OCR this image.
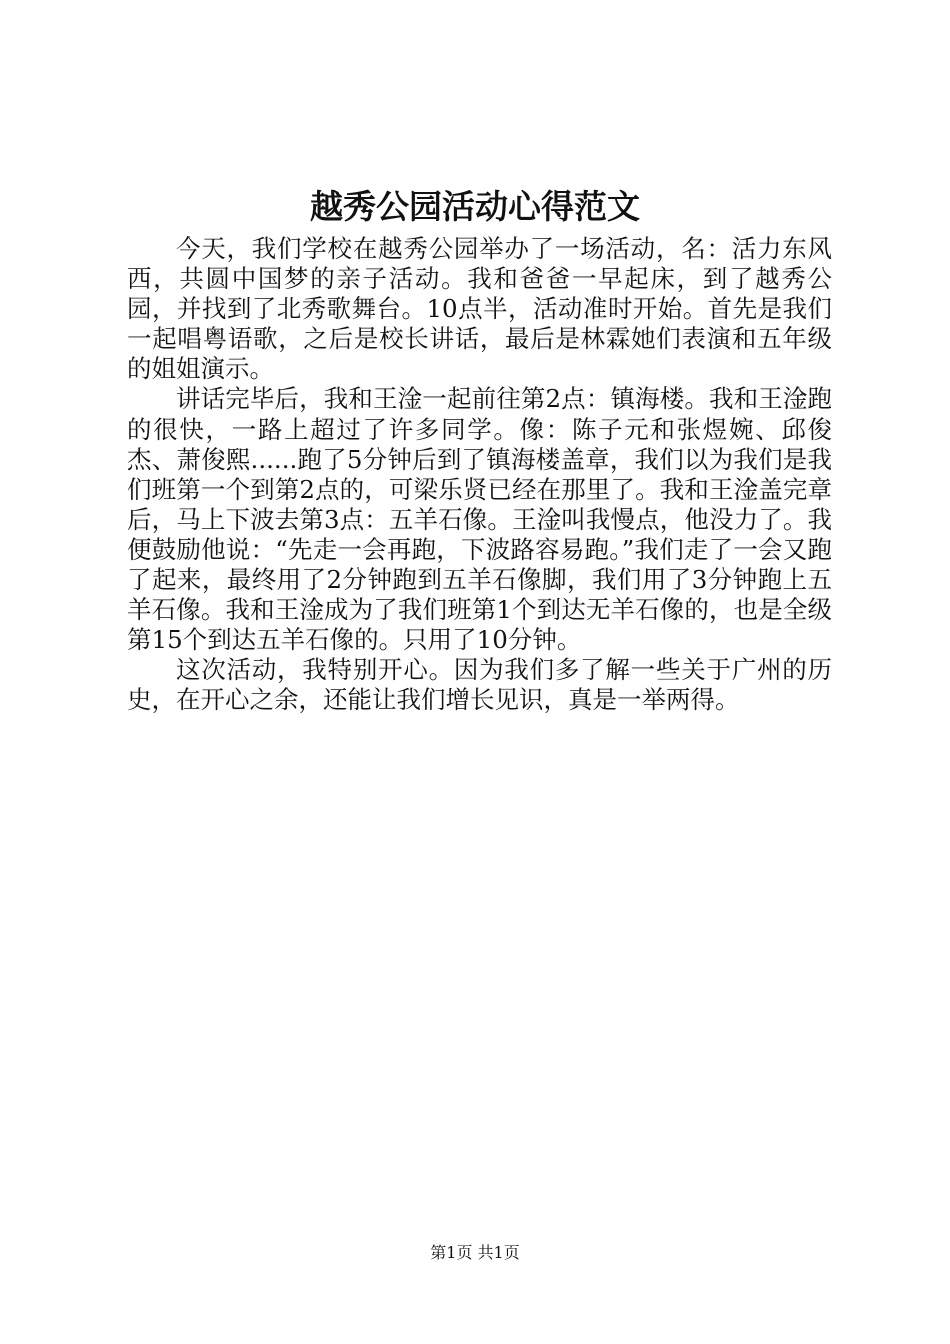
越秀公园活动心得范文

今天，我们学校在越秀公园举办了一场活动，名：活力东风西，共圆中国梦的亲子活动。我和爸爸一早起床，到了越秀公园，并找到了北秀歌舞台。10点半，活动准时开始。首先是我们一起唱粤语歌，之后是校长讲话，最后是林霖她们表演和五年级的姐姐演示。

讲话完毕后，我和王淦一起前往第2点：镇海楼。我和王淦跑的很快，一路上超过了许多同学。像：陈子元和张煜婉、邱俊杰、萧俊熙......跑了5分钟后到了镇海楼盖章，我们以为我们是我们班第一个到第2点的，可梁乐贤已经在那里了。我和王淦盖完章后，马上下波去第3点：五羊石像。王淦叫我慢点，他没力了。我便鼓励他说：“先走一会再跑，下波路容易跑。”我们走了一会又跑了起来，最终用了2分钟跑到五羊石像脚，我们用了3分钟跑上五羊石像。我和王淦成为了我们班第1个到达无羊石像的，也是全级第15个到达五羊石像的。只用了10分钟。

这次活动，我特别开心。因为我们多了解一些关于广州的历史，在开心之余，还能让我们增长见识，真是一举两得。

第1页 共1页
